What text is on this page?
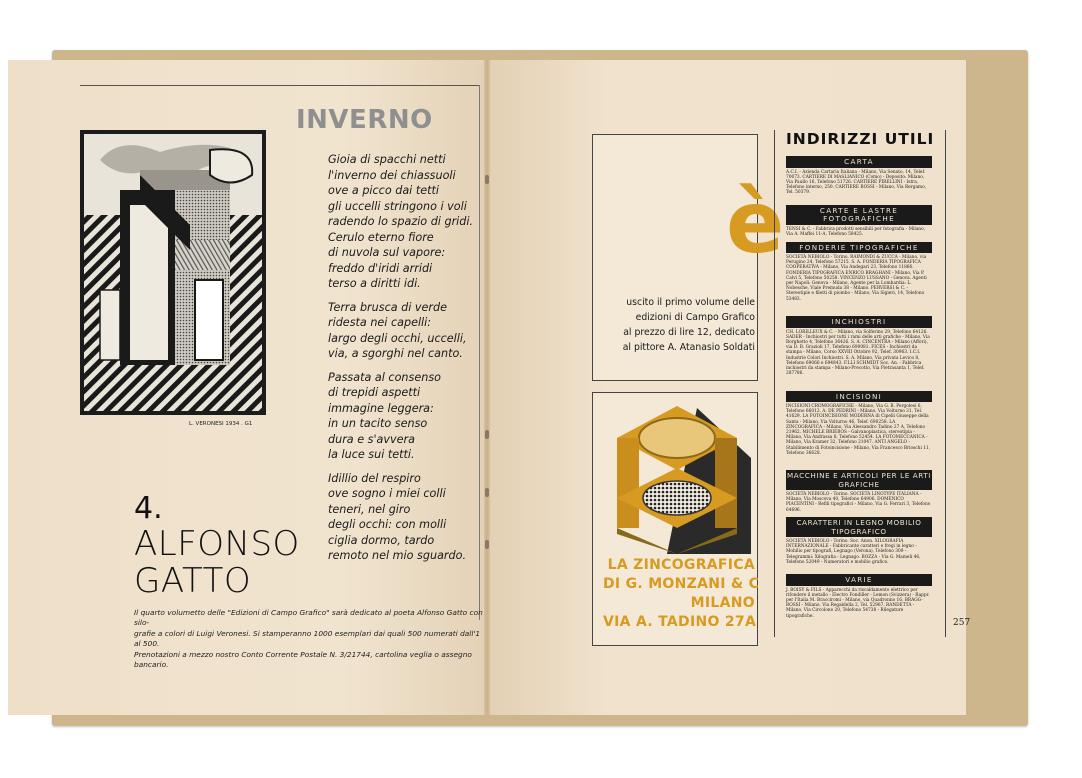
INVERNO
L. VERONESI 1934 . G1
Gioia di spacchi netti
l'inverno dei chiassuoli
ove a picco dai tetti
gli uccelli stringono i voli
radendo lo spazio di gridi.
Cerulo eterno fiore
di nuvola sul vapore:
freddo d'iridi arridi
terso a diritti idi.
Terra brusca di verde
ridesta nei capelli:
largo degli occhi, uccelli,
via, a sgorghi nel canto.
Passata al consenso
di trepidi aspetti
immagine leggera:
in un tacito senso
dura e s'avvera
la luce sui tetti.
Idillio del respiro
ove sogno i miei colli
teneri, nel giro
degli occhi: con molli
ciglia dormo, tardo
remoto nel mio sguardo.
4.
ALFONSO
GATTO
Il quarto volumetto delle "Edizioni di Campo Grafico" sarà dedicato al poeta Alfonso Gatto con silo-
grafie a colori di Luigi Veronesi. Si stamperanno 1000 esemplari dai quali 500 numerati dall'1 al 500.
Prenotazioni a mezzo nostro Conto Corrente Postale N. 3/21744, cartolina veglia o assegno bancario.
è
uscito il primo volume delle
edizioni di Campo Grafico
al prezzo di lire 12, dedicato
al pittore A. Atanasio Soldati
LA ZINCOGRAFICA
DI G. MONZANI & C
MILANO
VIA A. TADINO 27A
INDIRIZZI UTILI
CARTA
A.C.I. - Azienda Cartaria Italiana - Milano, Via Senato, 14, Telef. 70073. CARTIERE DI MASLIANICO (Como) - Deposito: Milano, Via Paullo 16, Telefono 51726. CARTIERE PIRELLINI - Istra, Telefono interno, 250. CARTIERE ROSSI - Milano, Via Bergamo, Tel. 50379.
CARTE E LASTRE FOTOGRAFICHE
TENSI & C. - Fabbrica prodotti sensibili per fotografia - Milano, Via A. Maffei 11-A, Telefono 58425.
FONDERIE TIPOGRAFICHE
SOCIETÀ NEBIOLO - Torino. RAIMONDI & ZUCCA - Milano, via Perugino 24, Telefono 57215. S. A. FONDERIA TIPOGRAFICA COOPERATIVA - Milano, Via Andegari 23, Telefono 11866. FONDERIA TIPOGRAFICA ENRICO BRAGHANI - Milano, Via P. Calvi 5, Telefono 50258. VINCENZO LUSSANO - Genova. Agenti per Napoli: Genova - Milano, Agente per la Lombardia: L. Nobesche, Viale Premuda 38 - Milano. PERVERSI & C. - Stereotipie e filetti di piombo - Milano, Via Sigieri, 14, Telefono 53483.
INCHIOSTRI
CH. LORILLEUX & C. - Milano, via Solferino 29, Telefono 64126. SADER - Inchiostri per tutti i rami delle arti grafiche - Milano, Via Borghetto 4, Telefono 36426. S. A. CINCENTRA - Milano (Affori), via D. B. Grazioli 17, Telefono 690081. FICES - Inchiostri da stampa - Milano, Corso XXVIII Ottobre 92, Telef. 30963. I.C.I. Industrie Colori Inchiostri. S. A. Milano, Via privata Levico 8, Telefono 69066 e 694843. F.LLI SCHMIDT Soc. An. - Fabbrica inchiostri da stampa - Milano-Precotto, Via Pietrasanta 1, Telef. 287786.
INCISIONI
INCISIONI CROMOGRAFICHE - Milano, Via G. B. Pergolesi 6, Telefono 66012. A. DE PEDRINI - Milano, Via Volturno 31, Tel. 41629. LA FOTOINCISIONE MODERNA di Cipelli Giuseppe della Santa - Milano, Via Volturno 46, Telef. 690258. LA ZINCOGRAFICA - Milano, Via Alessandro Tadino 27 A, Telefono 21962. MICHELE BRIEBOS - Galvanoplastica, stereotipia - Milano, Via Andrassa 8, Telefono 52454. LA FOTOMECCANICA - Milano, Via Kramer 32, Telefono 21047. ANTI ANGELO - Stabilimento di Fotoincisione - Milano, Via Francesco Brioschi 11, Telefono 36628.
MACCHINE E ARTICOLI PER LE ARTI GRAFICHE
SOCIETÀ NEBIOLO - Torino. SOCIETÀ LINOTYPE ITALIANA - Milano, Via Moscova 40, Telefono 64906. DOMENICO PIACENTINI - Refili tipografici - Milano, Via G. Ferrari 3, Telefono 64696.
CARATTERI IN LEGNO MOBILIO TIPOGRAFICO
SOCIETÀ NEBIOLO - Torino. Soc. Anon. XILOGRAFIA INTERNAZIONALE - Fabbricante caratteri e fregi in legno - Mobilio per tipografi, Legnago (Verona), Telefono 309 - Telegrammi: Xilografia - Legnago. BOZZA - Via G. Mameli 46, Telefono 52049 - Numeratori e mobilio grafico.
VARIE
J. BOISY & FILS - Apparecchi da riscaldamento elettrico per rifondere il metallo - Electro Fondiller - Lemon (Svizzera) - Rappr. per l'Italia M. Bracciromi - Milano, via Quadronno 16. BRAGG-BOSSI - Milano, Via Regaldella 2, Tel. 52967. RANDETTA - Milano, Via Circolone 20, Telefono 54738 - Rilegature tipografiche.
257
